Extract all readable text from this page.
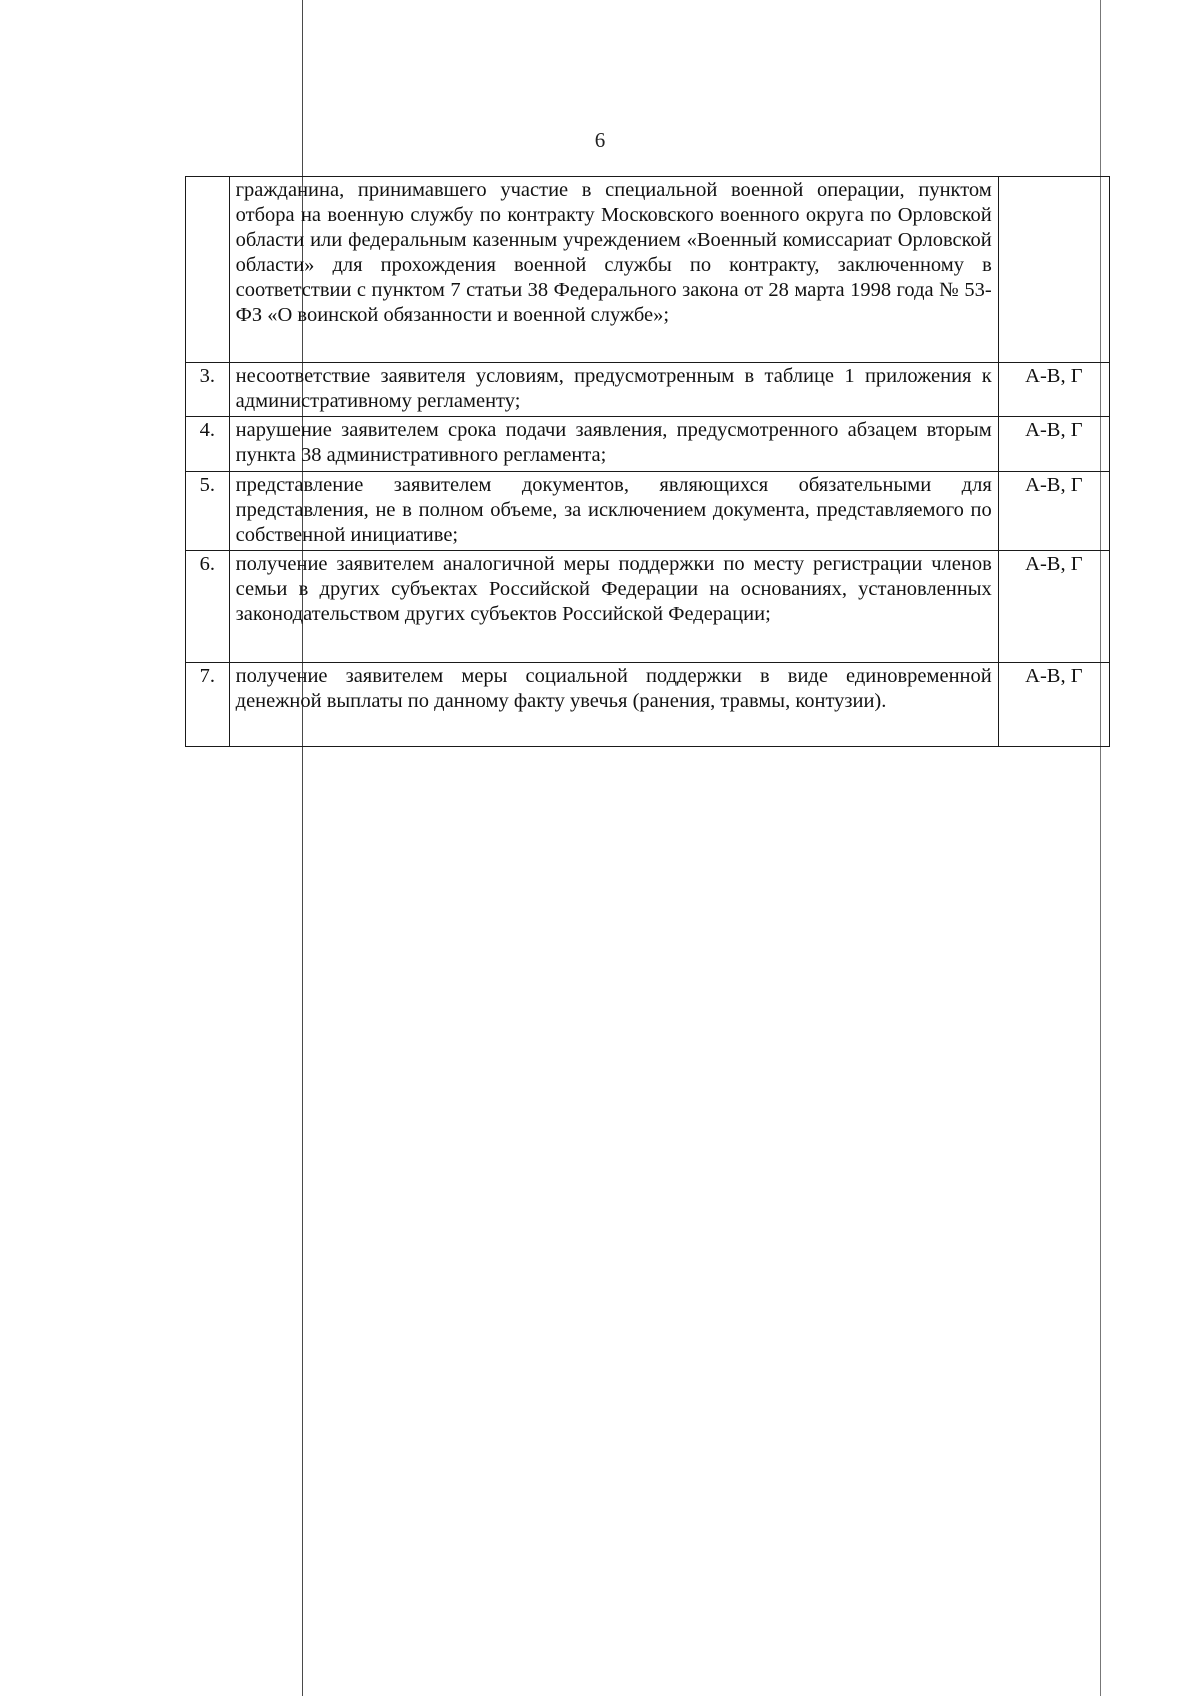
6
	гражданина, принимавшего участие в специальной военной операции, пунктом отбора на военную службу по контракту Московского военного округа по Орловской области или федеральным казенным учреждением «Военный комиссариат Орловской области» для прохождения военной службы по контракту, заключенному в соответствии с пунктом 7 статьи 38 Федерального закона от 28 марта 1998 года № 53-ФЗ «О воинской обязанности и военной службе»;	
3.	несоответствие заявителя условиям, предусмотренным в таблице 1 приложения к административному регламенту;	А-В, Г
4.	нарушение заявителем срока подачи заявления, предусмотренного абзацем вторым пункта 38 административного регламента;	А-В, Г
5.	представление заявителем документов, являющихся обязательными для представления, не в полном объеме, за исключением документа, представляемого по собственной инициативе;	А-В, Г
6.	получение заявителем аналогичной меры поддержки по месту регистрации членов семьи в других субъектах Российской Федерации на основаниях, установленных законодательством других субъектов Российской Федерации;	А-В, Г
7.	получение заявителем меры социальной поддержки в виде единовременной денежной выплаты по данному факту увечья (ранения, травмы, контузии).	А-В, Г
